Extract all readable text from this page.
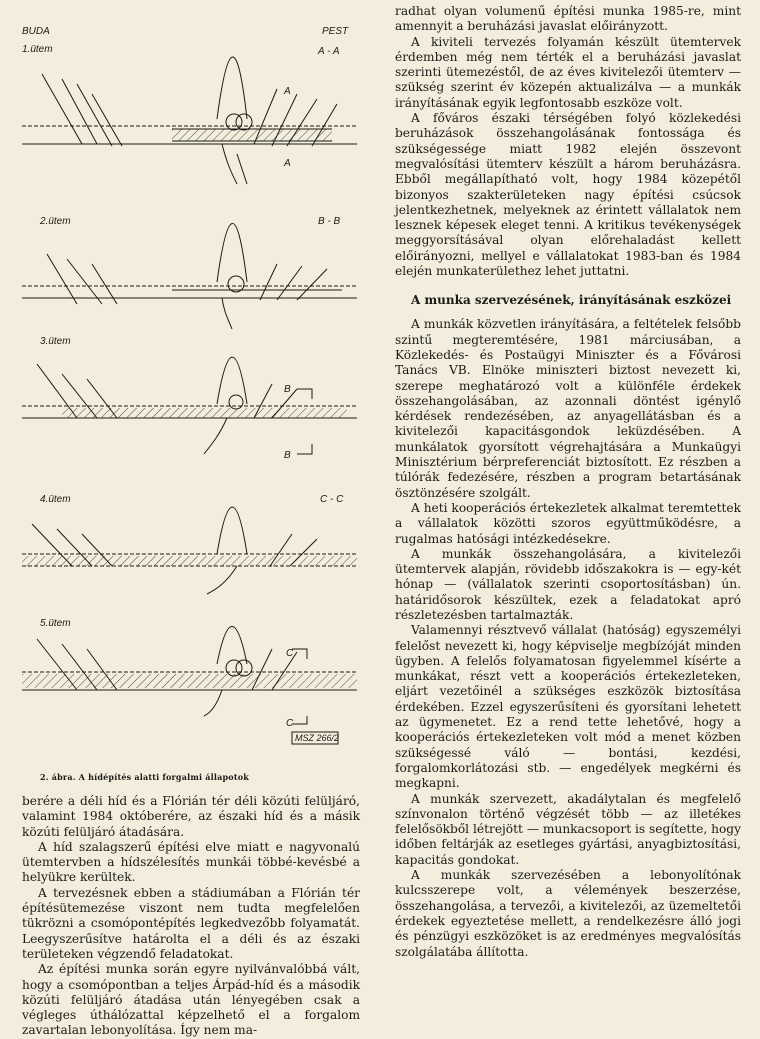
BUDA	PEST
1.ütem	A - A
A
A
2.ütem	B - B
3.ütem
B
B
4.ütem	C - C
5.ütem
C
C
MSZ 266/2
2. ábra. A hídépítés alatti forgalmi állapotok

berére a déli híd és a Flórián tér déli közúti felüljáró, valamint 1984 októberére, az északi híd és a másik közúti felüljáró átadására.

A híd szalagszerű építési elve miatt e nagyvonalú ütemtervben a hídszélesítés munkái többé-kevésbé a helyükre kerültek.

A tervezésnek ebben a stádiumában a Flórián tér építésütemezése viszont nem tudta megfelelően tükrözni a csomópontépítés legkedvezőbb folyamatát. Leegyszerűsítve határolta el a déli és az északi területeken végzendő feladatokat.

Az építési munka során egyre nyilvánvalóbbá vált, hogy a csomópontban a teljes Árpád-híd és a második közúti felüljáró átadása után lényegében csak a végleges úthálózattal képzelhető el a forgalom zavartalan lebonyolítása. Így nem ma-

radhat olyan volumenű építési munka 1985-re, mint amennyit a beruházási javaslat előirányzott.

A kiviteli tervezés folyamán készült ütemtervek érdemben még nem térték el a beruházási javaslat szerinti ütemezéstől, de az éves kivitelezői ütemterv — szükség szerint év közepén aktualizálva — a munkák irányításának egyik legfontosabb eszköze volt.

A főváros északi térségében folyó közlekedési beruházások összehangolásának fontossága és szükségessége miatt 1982 elején összevont megvalósítási ütemterv készült a három beruházásra. Ebből megállapítható volt, hogy 1984 közepétől bizonyos szakterületeken nagy építési csúcsok jelentkezhetnek, melyeknek az érintett vállalatok nem lesznek képesek eleget tenni. A kritikus tevékenységek meggyorsításával olyan előrehaladást kellett előirányozni, mellyel e vállalatokat 1983-ban és 1984 elején munkaterülethez lehet juttatni.

A munka szervezésének, irányításának eszközei

A munkák közvetlen irányítására, a feltételek felsőbb szintű megteremtésére, 1981 márciusában, a Közlekedés- és Postaügyi Miniszter és a Fővárosi Tanács VB. Elnöke miniszteri biztost nevezett ki, szerepe meghatározó volt a különféle érdekek összehangolásában, az azonnali döntést igénylő kérdések rendezésében, az anyagellátásban és a kivitelezői kapacitásgondok leküzdésében. A munkálatok gyorsított végrehajtására a Munkaügyi Minisztérium bérpreferenciát biztosított. Ez részben a túlórák fedezésére, részben a program betartásának ösztönzésére szolgált.

A heti kooperációs értekezletek alkalmat teremtettek a vállalatok közötti szoros együttműködésre, a rugalmas hatósági intézkedésekre.

A munkák összehangolására, a kivitelezői ütemtervek alapján, rövidebb időszakokra is — egy-két hónap — (vállalatok szerinti csoportosításban) ún. határidősorok készültek, ezek a feladatokat apró részletezésben tartalmazták.

Valamennyi résztvevő vállalat (hatóság) egyszemélyi felelőst nevezett ki, hogy képviselje megbízóját minden ügyben. A felelős folyamatosan figyelemmel kísérte a munkákat, részt vett a kooperációs értekezleteken, eljárt vezetőinél a szükséges eszközök biztosítása érdekében. Ezzel egyszerűsíteni és gyorsítani lehetett az ügymenetet. Ez a rend tette lehetővé, hogy a kooperációs értekezleteken volt mód a menet közben szükségessé váló — bontási, kezdési, forgalomkorlátozási stb. — engedélyek megkérni és megkapni.

A munkák szervezett, akadálytalan és megfelelő színvonalon történő végzését több — az illetékes felelősökből létrejött — munkacsoport is segítette, hogy időben feltárják az esetleges gyártási, anyagbiztosítási, kapacitás gondokat.

A munkák szervezésében a lebonyolítónak kulcsszerepe volt, a vélemények beszerzése, összehangolása, a tervezői, a kivitelezői, az üzemeltetői érdekek egyeztetése mellett, a rendelkezésre álló jogi és pénzügyi eszközöket is az eredményes megvalósítás szolgálatába állította.
